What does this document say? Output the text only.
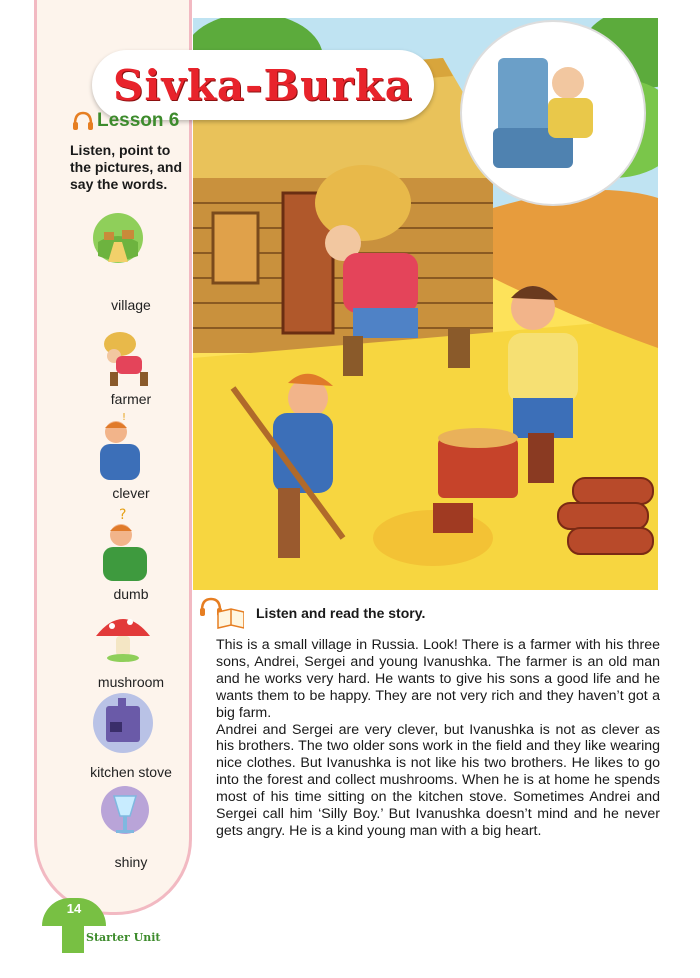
Sivka-Burka
Lesson 6
Listen, point to the pictures, and say the words.
village
farmer
!
clever
?
dumb
mushroom
kitchen stove
shiny
Listen and read the story.

This is a small village in Russia. Look! There is a farmer with his three sons, Andrei, Sergei and young Ivanushka. The farmer is an old man and he works very hard. He wants to give his sons a good life and he wants them to be happy. They are not very rich and they haven’t got a big farm.

Andrei and Sergei are very clever, but Ivanushka is not as clever as his brothers. The two older sons work in the field and they like wearing nice clothes. But Ivanushka is not like his two brothers. He likes to go into the forest and collect mushrooms. When he is at home he spends most of his time sitting on the kitchen stove. Sometimes Andrei and Sergei call him ‘Silly Boy.’ But Ivanushka doesn’t mind and he never gets angry. He is a kind young man with a big heart.

14
Starter Unit
